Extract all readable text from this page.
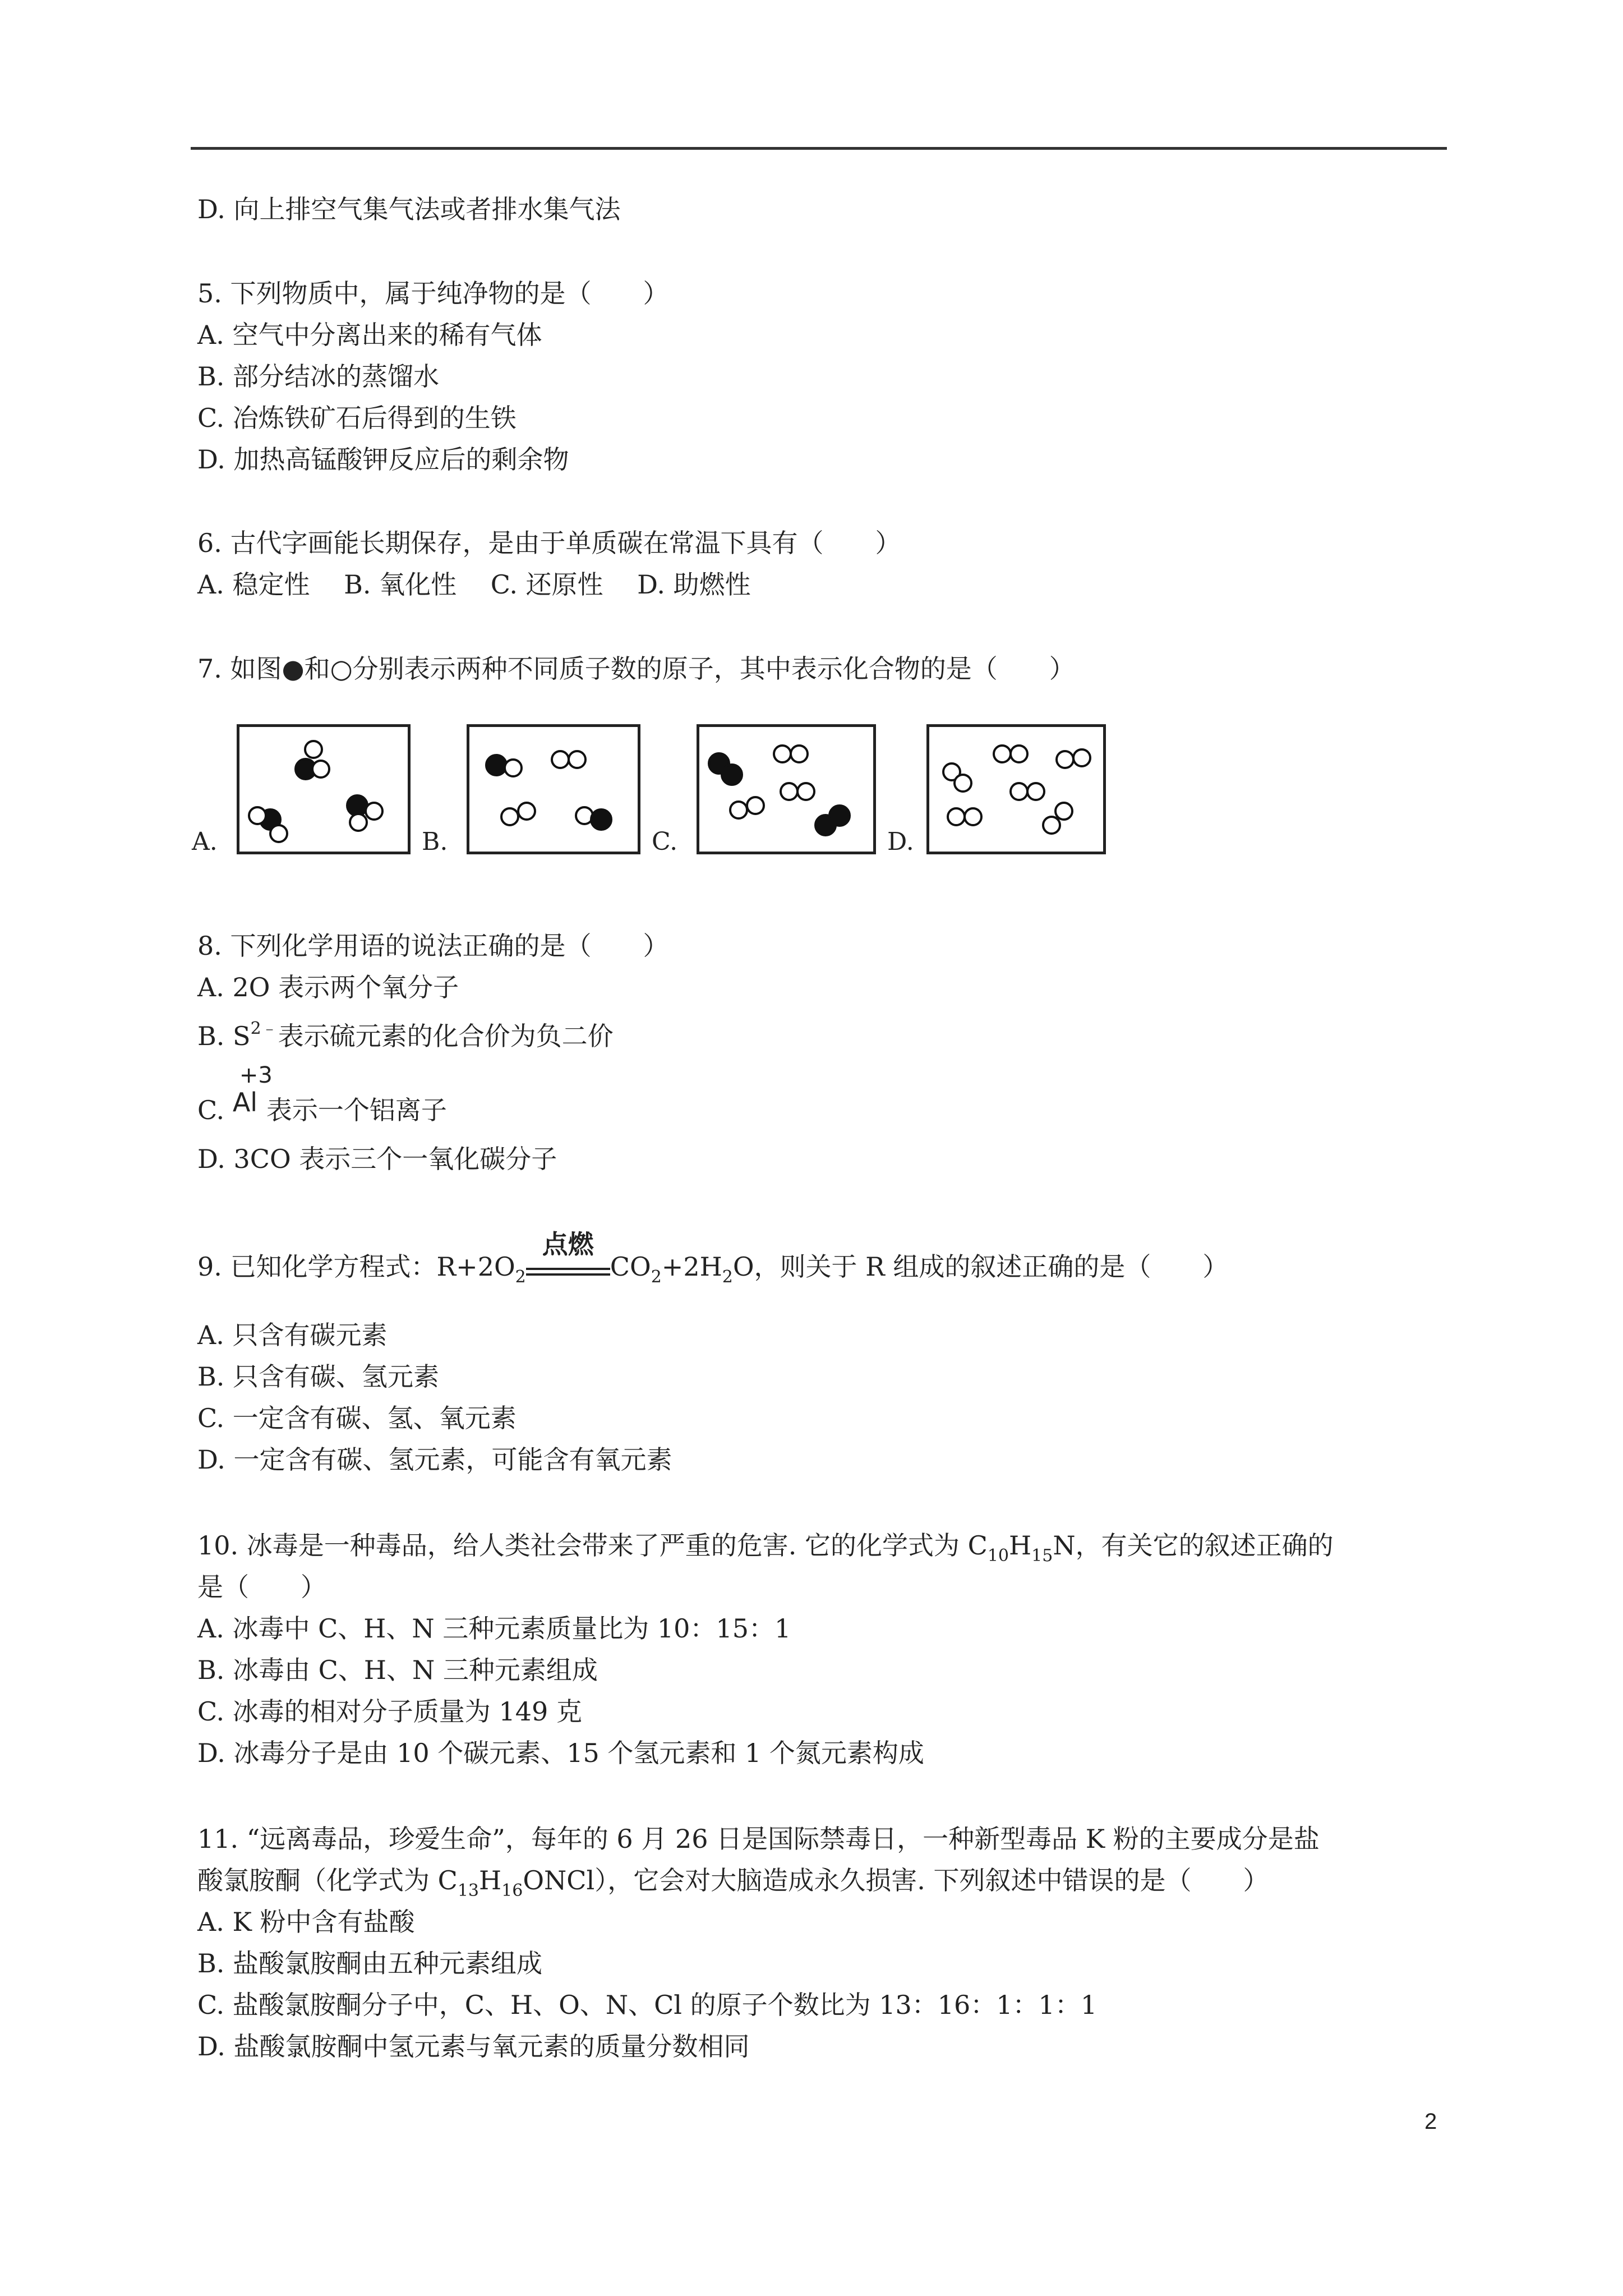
D. 向上排空气集气法或者排水集气法
5. 下列物质中，属于纯净物的是（　　）
A. 空气中分离出来的稀有气体
B. 部分结冰的蒸馏水
C. 冶炼铁矿石后得到的生铁
D. 加热高锰酸钾反应后的剩余物
6. 古代字画能长期保存，是由于单质碳在常温下具有（　　）
A. 稳定性　 B. 氧化性　 C. 还原性　 D. 助燃性
7. 如图●和○分别表示两种不同质子数的原子，其中表示化合物的是（　　）
A.	B.	C.	D.
8. 下列化学用语的说法正确的是（　　）
A. 2O 表示两个氧分子
B. $S^{2﹣}$表示硫元素的化合价为负二价
C.
+3
Al 表示一个铝离子
D. 3CO 表示三个一氧化碳分子
9. 已知化学方程式：$R+2O_2$
点燃
$CO_2+2H_2O$，则关于 R 组成的叙述正确的是（　　）
A. 只含有碳元素
B. 只含有碳、氢元素
C. 一定含有碳、氢、氧元素
D. 一定含有碳、氢元素，可能含有氧元素
10. 冰毒是一种毒品，给人类社会带来了严重的危害. 它的化学式为 $C_{10}H_{15}N$，有关它的叙述正确的
是（　　）
A. 冰毒中 C、H、N 三种元素质量比为 10：15：1
B. 冰毒由 C、H、N 三种元素组成
C. 冰毒的相对分子质量为 149 克
D. 冰毒分子是由 10 个碳元素、15 个氢元素和 1 个氮元素构成
11. “远离毒品，珍爱生命”，每年的 6 月 26 日是国际禁毒日，一种新型毒品 K 粉的主要成分是盐
酸氯胺酮（化学式为 $C_{13}H_{16}ONCl$），它会对大脑造成永久损害. 下列叙述中错误的是（　　）
A. K 粉中含有盐酸
B. 盐酸氯胺酮由五种元素组成
C. 盐酸氯胺酮分子中，C、H、O、N、Cl 的原子个数比为 13：16：1：1：1
D. 盐酸氯胺酮中氢元素与氧元素的质量分数相同
2
